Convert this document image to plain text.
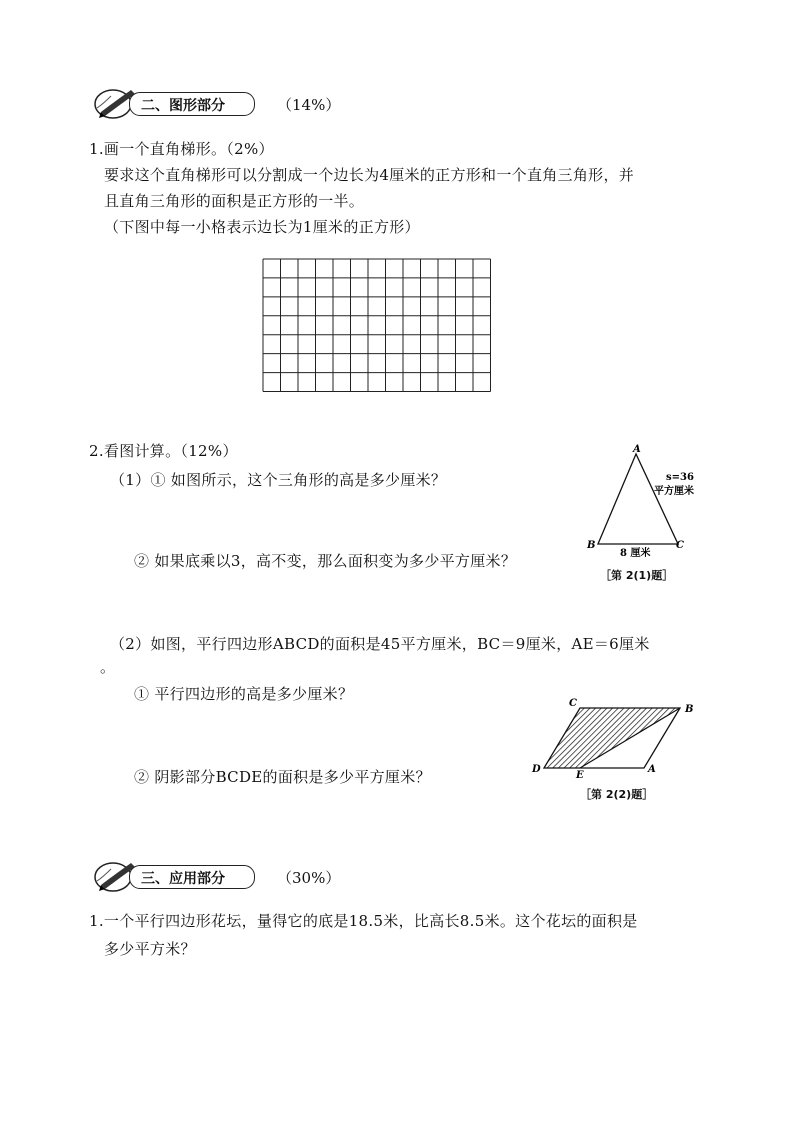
二、图形部分	（14%）
1.画一个直角梯形。（2%）
要求这个直角梯形可以分割成一个边长为4厘米的正方形和一个直角三角形，并
且直角三角形的面积是正方形的一半。
（下图中每一小格表示边长为1厘米的正方形）
2.看图计算。（12%）
（1）① 如图所示，这个三角形的高是多少厘米？
② 如果底乘以3，高不变，那么面积变为多少平方厘米？
A
B	C
s=36
平方厘米
8 厘米
［第 2(1)题］
（2）如图，平行四边形ABCD的面积是45平方厘米，BC＝9厘米，AE＝6厘米
。
① 平行四边形的高是多少厘米？
② 阴影部分BCDE的面积是多少平方厘米？
C
B
D
E
A
［第 2(2)题］
三、应用部分	（30%）
1.一个平行四边形花坛，量得它的底是18.5米，比高长8.5米。这个花坛的面积是
多少平方米？
